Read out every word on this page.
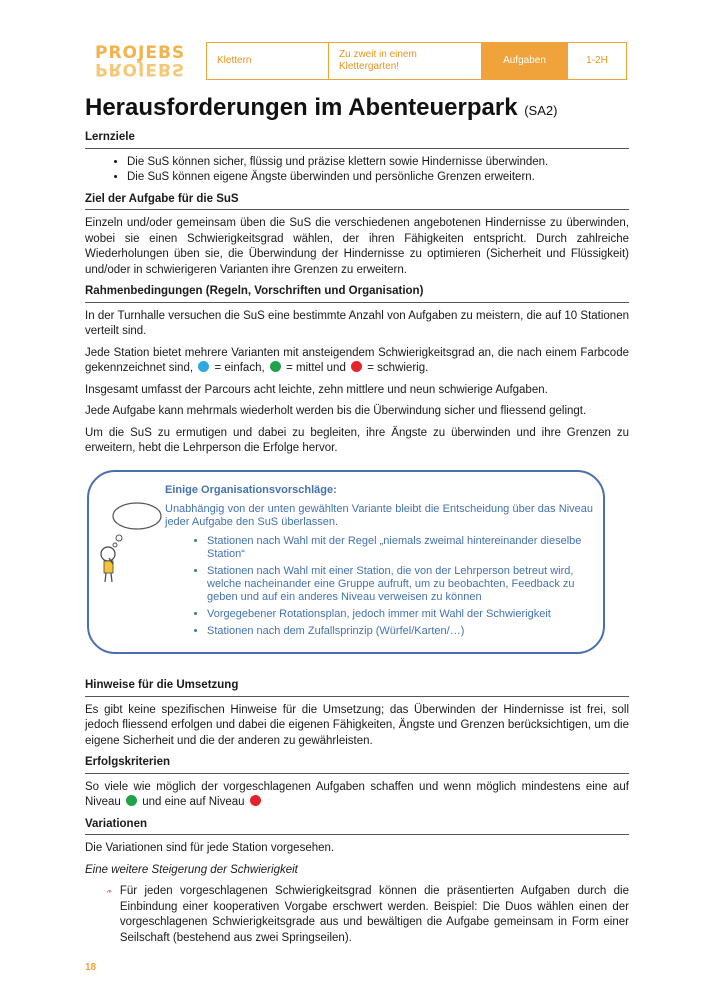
PROJEBS
PROJEBS	Klettern
Zu zweit in einem Klettergarten!
Aufgaben	1-2H
Herausforderungen im Abenteuerpark (SA2)
Lernziele
• Die SuS können sicher, flüssig und präzise klettern sowie Hindernisse überwinden.
• Die SuS können eigene Ängste überwinden und persönliche Grenzen erweitern.
Ziel der Aufgabe für die SuS

Einzeln und/oder gemeinsam üben die SuS die verschiedenen angebotenen Hindernisse zu überwinden, wobei sie einen Schwierigkeitsgrad wählen, der ihren Fähigkeiten entspricht. Durch zahlreiche Wiederholungen üben sie, die Überwindung der Hindernisse zu optimieren (Sicherheit und Flüssigkeit) und/oder in schwierigeren Varianten ihre Grenzen zu erweitern.

Rahmenbedingungen (Regeln, Vorschriften und Organisation)

In der Turnhalle versuchen die SuS eine bestimmte Anzahl von Aufgaben zu meistern, die auf 10 Stationen verteilt sind.

Jede Station bietet mehrere Varianten mit ansteigendem Schwierigkeitsgrad an, die nach einem Farbcode gekennzeichnet sind, = einfach, = mittel und = schwierig.

Insgesamt umfasst der Parcours acht leichte, zehn mittlere und neun schwierige Aufgaben.

Jede Aufgabe kann mehrmals wiederholt werden bis die Überwindung sicher und fliessend gelingt.

Um die SuS zu ermutigen und dabei zu begleiten, ihre Ängste zu überwinden und ihre Grenzen zu erweitern, hebt die Lehrperson die Erfolge hervor.

Einige Organisationsvorschläge:
Unabhängig von der unten gewählten Variante bleibt die Entscheidung über das Niveau jeder Aufgabe den SuS überlassen.
• Stationen nach Wahl mit der Regel „niemals zweimal hintereinander dieselbe Station“
• Stationen nach Wahl mit einer Station, die von der Lehrperson betreut wird, welche nacheinander eine Gruppe aufruft, um zu beobachten, Feedback zu geben und auf ein anderes Niveau verweisen zu können
• Vorgegebener Rotationsplan, jedoch immer mit Wahl der Schwierigkeit
• Stationen nach dem Zufallsprinzip (Würfel/Karten/…)
Hinweise für die Umsetzung

Es gibt keine spezifischen Hinweise für die Umsetzung; das Überwinden der Hindernisse ist frei, soll jedoch fliessend erfolgen und dabei die eigenen Fähigkeiten, Ängste und Grenzen berücksichtigen, um die eigene Sicherheit und die der anderen zu gewährleisten.

Erfolgskriterien

So viele wie möglich der vorgeschlagenen Aufgaben schaffen und wenn möglich mindestens eine auf Niveau und eine auf Niveau

Variationen

Die Variationen sind für jede Station vorgesehen.

Eine weitere Steigerung der Schwierigkeit

Für jeden vorgeschlagenen Schwierigkeitsgrad können die präsentierten Aufgaben durch die Einbindung einer kooperativen Vorgabe erschwert werden. Beispiel: Die Duos wählen einen der vorgeschlagenen Schwierigkeitsgrade aus und bewältigen die Aufgabe gemeinsam in Form einer Seilschaft (bestehend aus zwei Springseilen).

18
